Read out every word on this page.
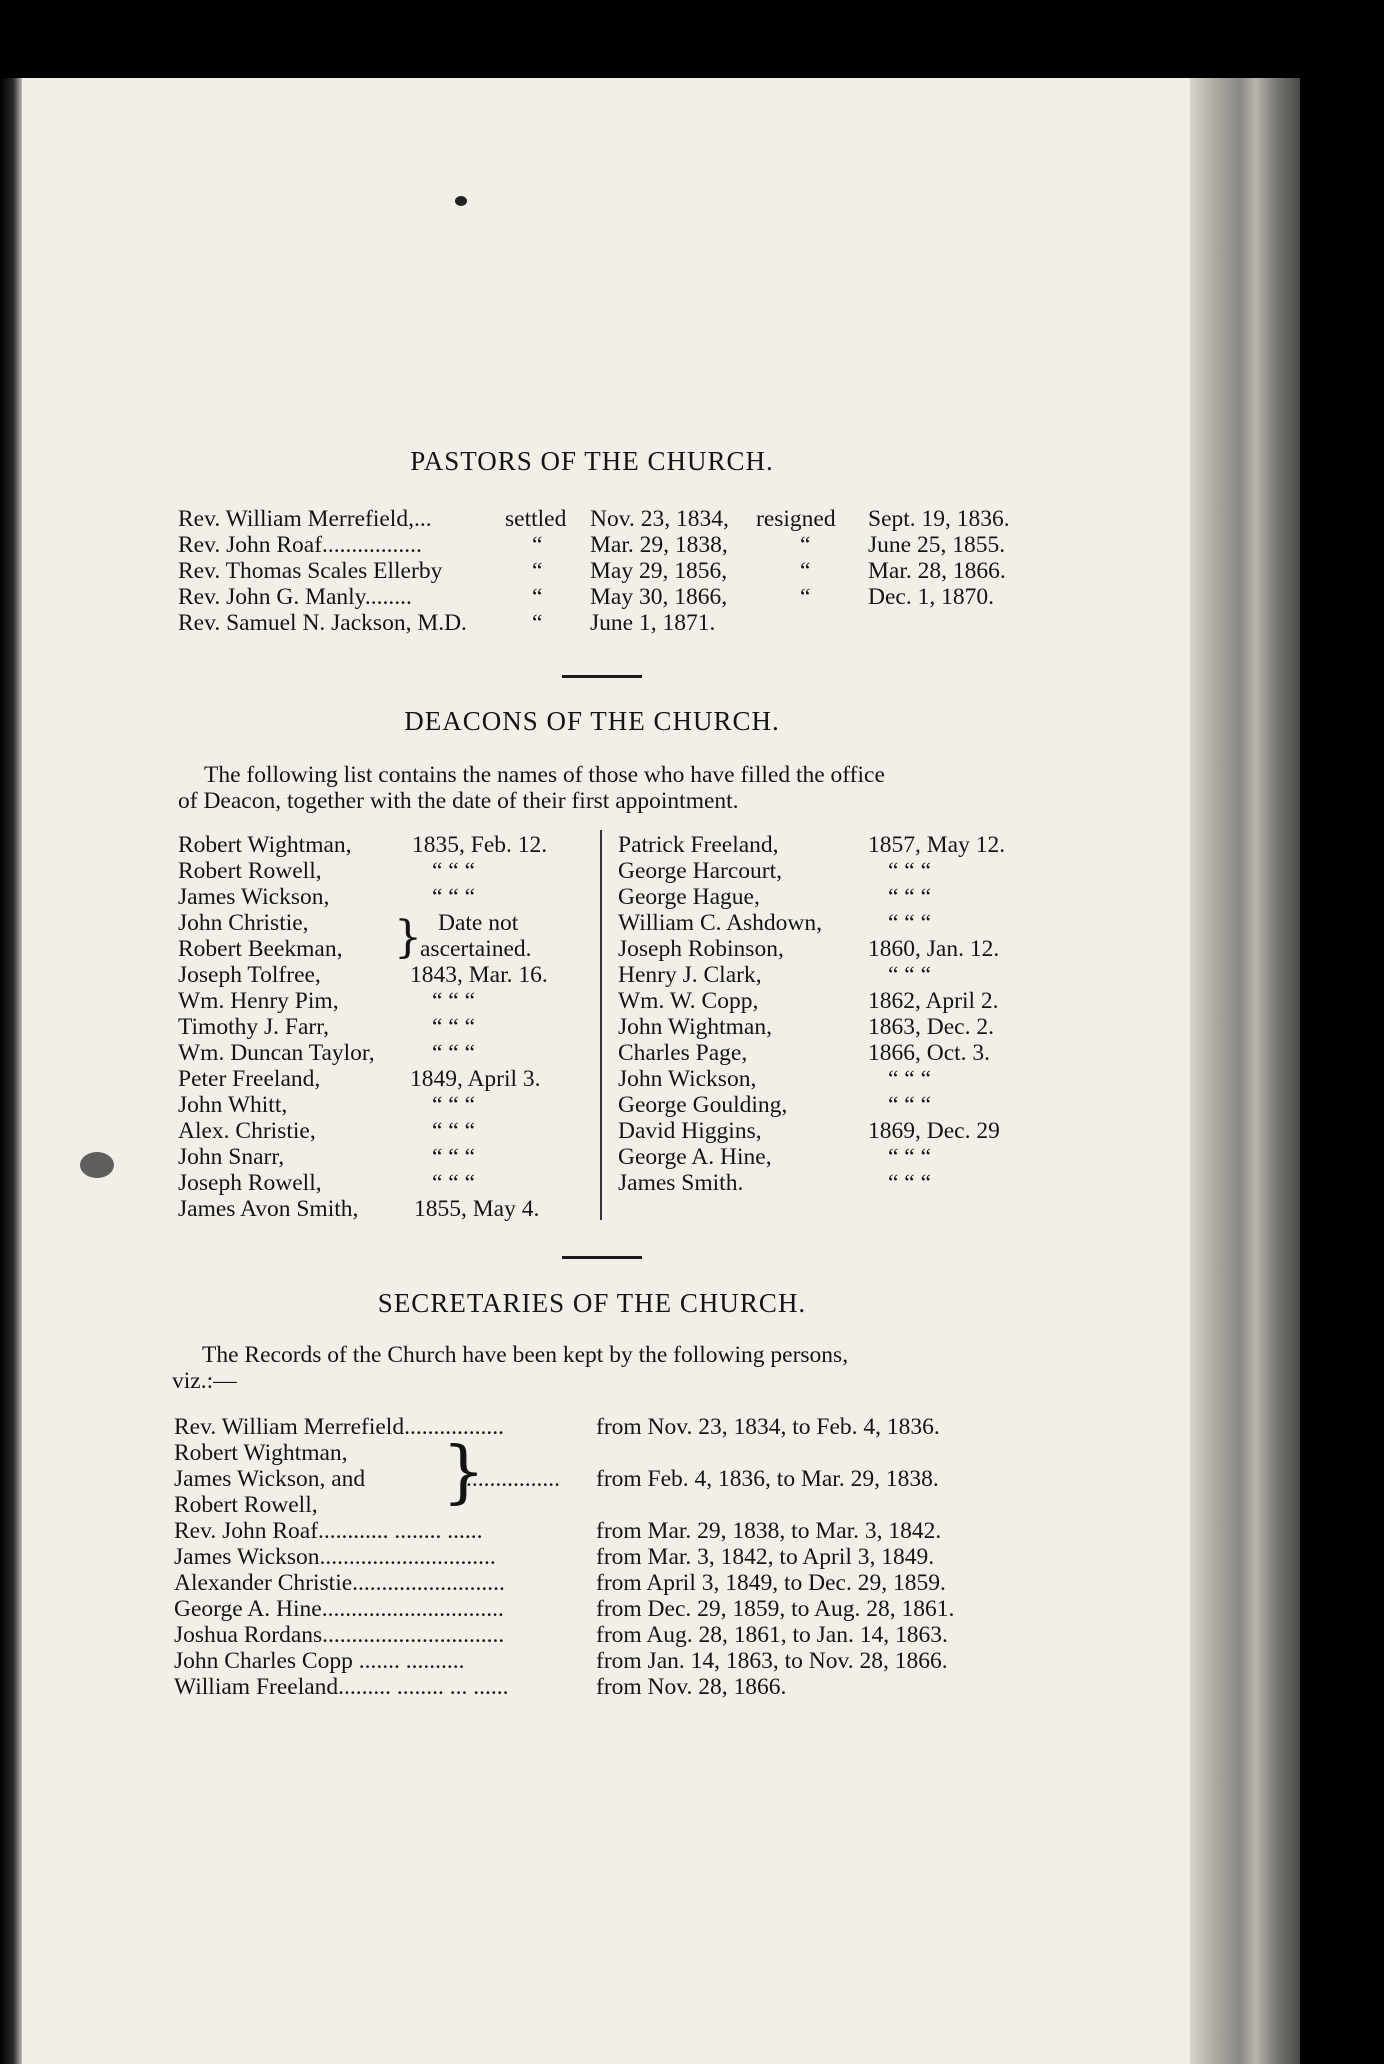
PASTORS OF THE CHURCH.
Rev. William Merrefield,...	settled Nov. 23, 1834, resigned Sept. 19, 1836.
Rev. John Roaf.................	“ Mar. 29, 1838,	“ June 25, 1855.
Rev. Thomas Scales Ellerby	“ May 29, 1856,	“ Mar. 28, 1866.
Rev. John G. Manly........	“ May 30, 1866,	“ Dec. 1, 1870.
Rev. Samuel N. Jackson, M.D.	“ June 1, 1871.
DEACONS OF THE CHURCH.
The following list contains the names of those who have filled the office
of Deacon, together with the date of their first appointment.
Robert Wightman,	1835, Feb. 12.
Robert Rowell,	“ “ “
James Wickson,	“ “ “
John Christie, } Date not
Robert Beekman,	ascertained.
Joseph Tolfree,	1843, Mar. 16.
Wm. Henry Pim,	“ “ “
Timothy J. Farr,	“ “ “
Wm. Duncan Taylor, “ “ “
Peter Freeland,	1849, April 3.
John Whitt,	“ “ “
Alex. Christie,	“ “ “
John Snarr,	“ “ “
Joseph Rowell,	“ “ “
James Avon Smith, 1855, May 4.
Patrick Freeland,	1857, May 12.
George Harcourt,	“ “ “
George Hague,	“ “ “
William C. Ashdown,	“ “ “
Joseph Robinson,	1860, Jan. 12.
Henry J. Clark,	“ “ “
Wm. W. Copp,	1862, April 2.
John Wightman,	1863, Dec. 2.
Charles Page,	1866, Oct. 3.
John Wickson,	“ “ “
George Goulding,	“ “ “
David Higgins,	1869, Dec. 29
George A. Hine,	“ “ “
James Smith.	“ “ “
SECRETARIES OF THE CHURCH.
The Records of the Church have been kept by the following persons,
viz.:—
Rev. William Merrefield.................	from Nov. 23, 1834, to Feb. 4, 1836.
Robert Wightman,
James Wickson, and }
................ from Feb. 4, 1836, to Mar. 29, 1838.
Robert Rowell,
Rev. John Roaf............ ........ ......	from Mar. 29, 1838, to Mar. 3, 1842.
James Wickson..............................	from Mar. 3, 1842, to April 3, 1849.
Alexander Christie..........................	from April 3, 1849, to Dec. 29, 1859.
George A. Hine...............................	from Dec. 29, 1859, to Aug. 28, 1861.
Joshua Rordans...............................	from Aug. 28, 1861, to Jan. 14, 1863.
John Charles Copp ....... ..........	from Jan. 14, 1863, to Nov. 28, 1866.
William Freeland......... ........ ... ......	from Nov. 28, 1866.
